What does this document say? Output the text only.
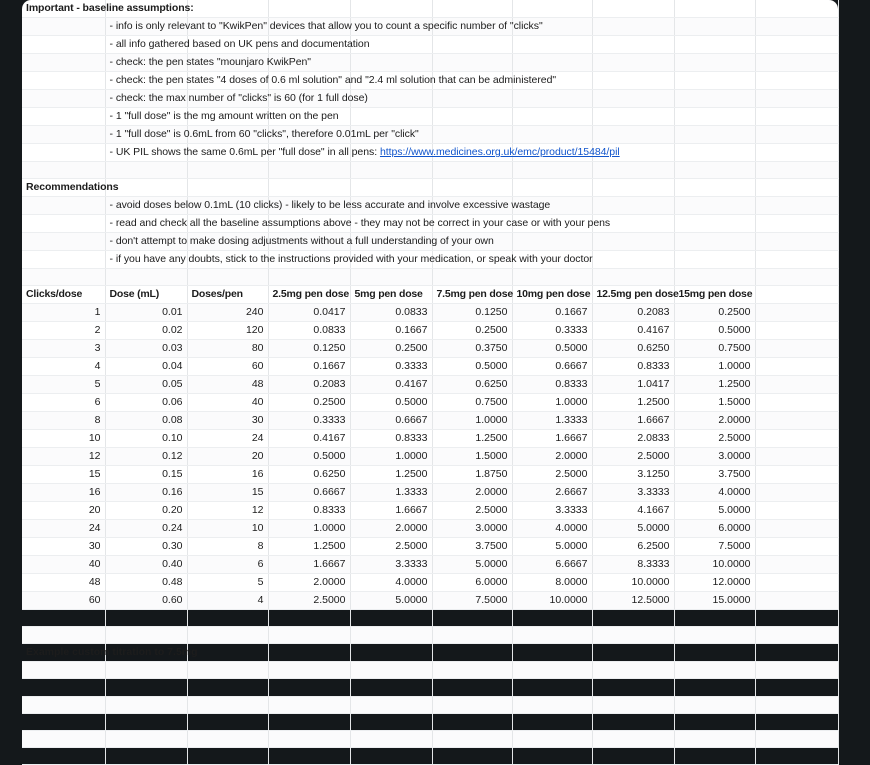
Important - baseline assumptions:									
	- info is only relevant to "KwikPen" devices that allow you to count a specific number of "clicks"								
	- all info gathered based on UK pens and documentation								
	- check: the pen states "mounjaro KwikPen"								
	- check: the pen states "4 doses of 0.6 ml solution" and "2.4 ml solution that can be administered"								
	- check: the max number of "clicks" is 60 (for 1 full dose)								
	- 1 "full dose" is the mg amount written on the pen								
	- 1 "full dose" is 0.6mL from 60 "clicks", therefore 0.01mL per "click"								
	- UK PIL shows the same 0.6mL per "full dose" in all pens: https://www.medicines.org.uk/emc/product/15484/pil								

Recommendations									
	- avoid doses below 0.1mL (10 clicks) - likely to be less accurate and involve excessive wastage								
	- read and check all the baseline assumptions above - they may not be correct in your case or with your pens								
	- don't attempt to make dosing adjustments without a full understanding of your own								
	- if you have any doubts, stick to the instructions provided with your medication, or speak with your doctor								

Clicks/dose	Dose (mL)	Doses/pen	2.5mg pen dose	5mg pen dose	7.5mg pen dose	10mg pen dose	12.5mg pen dose	15mg pen dose	
1	0.01	240	0.0417	0.0833	0.1250	0.1667	0.2083	0.2500	
2	0.02	120	0.0833	0.1667	0.2500	0.3333	0.4167	0.5000	
3	0.03	80	0.1250	0.2500	0.3750	0.5000	0.6250	0.7500	
4	0.04	60	0.1667	0.3333	0.5000	0.6667	0.8333	1.0000	
5	0.05	48	0.2083	0.4167	0.6250	0.8333	1.0417	1.2500	
6	0.06	40	0.2500	0.5000	0.7500	1.0000	1.2500	1.5000	
8	0.08	30	0.3333	0.6667	1.0000	1.3333	1.6667	2.0000	
10	0.10	24	0.4167	0.8333	1.2500	1.6667	2.0833	2.5000	
12	0.12	20	0.5000	1.0000	1.5000	2.0000	2.5000	3.0000	
15	0.15	16	0.6250	1.2500	1.8750	2.5000	3.1250	3.7500	
16	0.16	15	0.6667	1.3333	2.0000	2.6667	3.3333	4.0000	
20	0.20	12	0.8333	1.6667	2.5000	3.3333	4.1667	5.0000	
24	0.24	10	1.0000	2.0000	3.0000	4.0000	5.0000	6.0000	
30	0.30	8	1.2500	2.5000	3.7500	5.0000	6.2500	7.5000	
40	0.40	6	1.6667	3.3333	5.0000	6.6667	8.3333	10.0000	
48	0.48	5	2.0000	4.0000	6.0000	8.0000	10.0000	12.0000	
60	0.60	4	2.5000	5.0000	7.5000	10.0000	12.5000	15.0000	

Example custom titration to 7.5mg									
